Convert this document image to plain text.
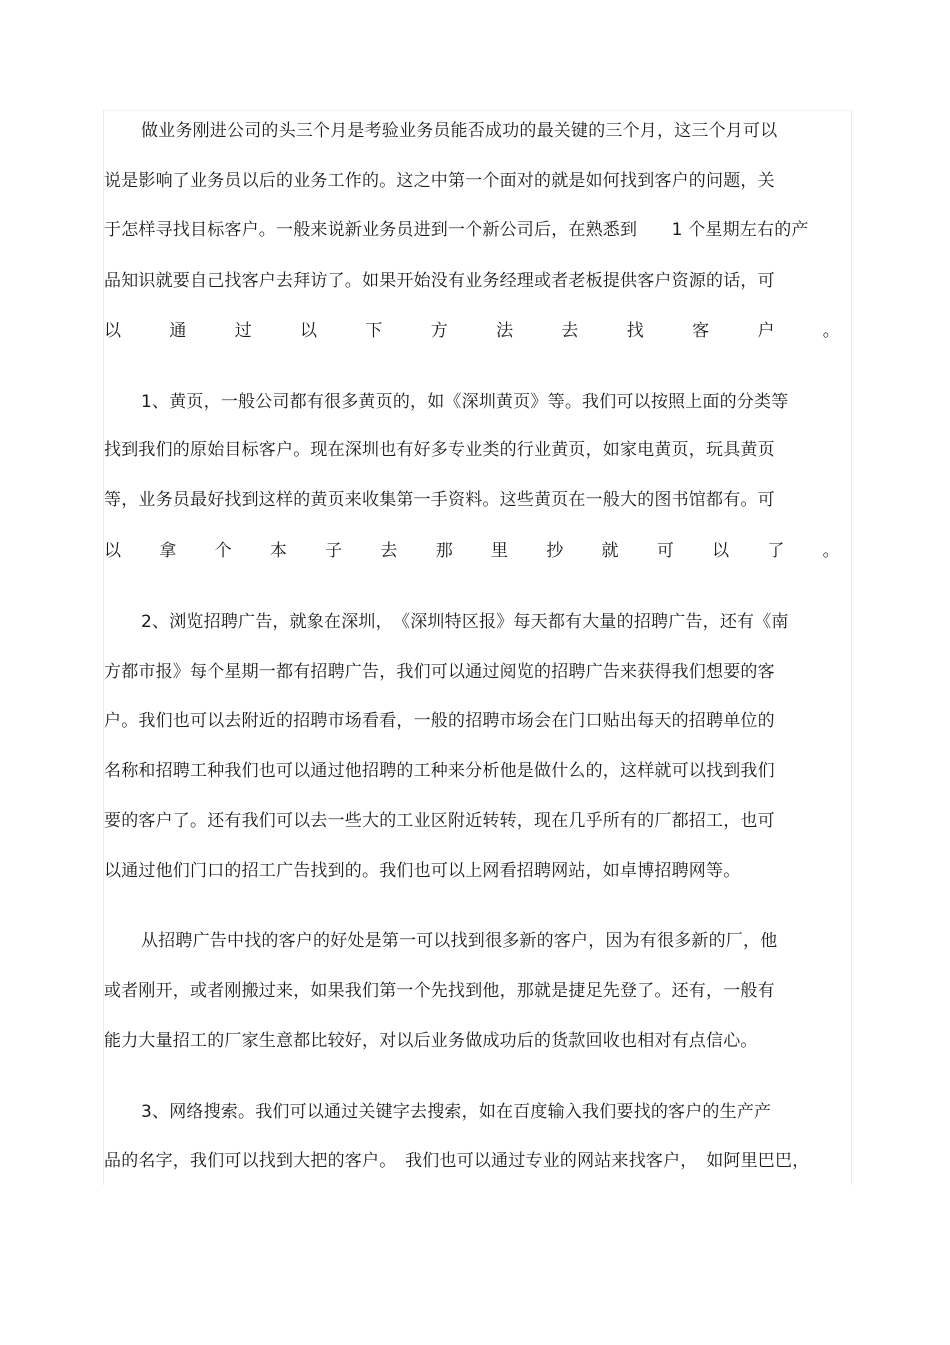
做业务刚进公司的头三个月是考验业务员能否成功的最关键的三个月，这三个月可以
说是影响了业务员以后的业务工作的。这之中第一个面对的就是如何找到客户的问题，关
于怎样寻找目标客户。一般来说新业务员进到一个新公司后，在熟悉到　　1 个星期左右的产
品知识就要自己找客户去拜访了。如果开始没有业务经理或者老板提供客户资源的话，可
以	通	过	以	下	方	法	去	找	客	户	。
1、黄页，一般公司都有很多黄页的，如《深圳黄页》等。我们可以按照上面的分类等
找到我们的原始目标客户。现在深圳也有好多专业类的行业黄页，如家电黄页，玩具黄页
等，业务员最好找到这样的黄页来收集第一手资料。这些黄页在一般大的图书馆都有。可
以 拿 个 本 子 去 那 里 抄 就 可 以 了 。
2、浏览招聘广告，就象在深圳，　《深圳特区报》每天都有大量的招聘广告，还有《南
方都市报》每个星期一都有招聘广告，我们可以通过阅览的招聘广告来获得我们想要的客
户。我们也可以去附近的招聘市场看看，一般的招聘市场会在门口贴出每天的招聘单位的
名称和招聘工种我们也可以通过他招聘的工种来分析他是做什么的，这样就可以找到我们
要的客户了。还有我们可以去一些大的工业区附近转转，现在几乎所有的厂都招工，也可
以通过他们门口的招工广告找到的。我们也可以上网看招聘网站，如卓博招聘网等。
从招聘广告中找的客户的好处是第一可以找到很多新的客户，因为有很多新的厂，他
或者刚开，或者刚搬过来，如果我们第一个先找到他，那就是捷足先登了。还有，一般有
能力大量招工的厂家生意都比较好，对以后业务做成功后的货款回收也相对有点信心。
3、网络搜索。我们可以通过关键字去搜索，如在百度输入我们要找的客户的生产产
品的名字，我们可以找到大把的客户。　我们也可以通过专业的网站来找客户，　如阿里巴巴，
